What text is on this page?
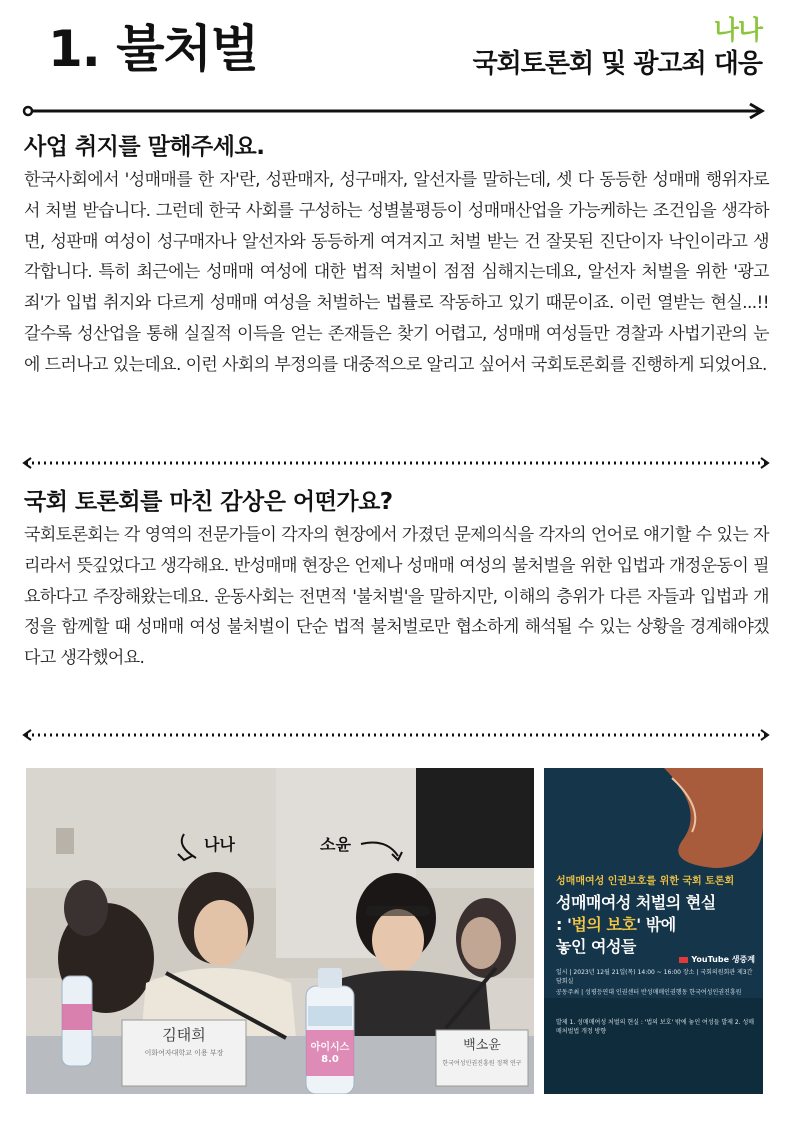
1. 불처벌	나나
국회토론회 및 광고죄 대응
사업 취지를 말해주세요.

한국사회에서 '성매매를 한 자'란, 성판매자, 성구매자, 알선자를 말하는데, 셋 다 동등한 성매매 행위자로서 처벌 받습니다. 그런데 한국 사회를 구성하는 성별불평등이 성매매산업을 가능케하는 조건임을 생각하면, 성판매 여성이 성구매자나 알선자와 동등하게 여겨지고 처벌 받는 건 잘못된 진단이자 낙인이라고 생각합니다. 특히 최근에는 성매매 여성에 대한 법적 처벌이 점점 심해지는데요, 알선자 처벌을 위한 '광고죄'가 입법 취지와 다르게 성매매 여성을 처벌하는 법률로 작동하고 있기 때문이죠. 이런 열받는 현실...!! 갈수록 성산업을 통해 실질적 이득을 얻는 존재들은 찾기 어렵고, 성매매 여성들만 경찰과 사법기관의 눈에 드러나고 있는데요. 이런 사회의 부정의를 대중적으로 알리고 싶어서 국회토론회를 진행하게 되었어요.

국회 토론회를 마친 감상은 어떤가요?

국회토론회는 각 영역의 전문가들이 각자의 현장에서 가졌던 문제의식을 각자의 언어로 얘기할 수 있는 자리라서 뜻깊었다고 생각해요. 반성매매 현장은 언제나 성매매 여성의 불처벌을 위한 입법과 개정운동이 필요하다고 주장해왔는데요. 운동사회는 전면적 '불처벌'을 말하지만, 이해의 층위가 다른 자들과 입법과 개정을 함께할 때 성매매 여성 불처벌이 단순 법적 불처벌로만 협소하게 해석될 수 있는 상황을 경계해야겠다고 생각했어요.

나나	소윤
김태희
이화여자대학교 이용 부장	백소윤
한국여성인권진흥원 정책 연구
아이시스
8.0
성매매여성 인권보호를 위한 국회 토론회
성매매여성 처벌의 현실
: '법의 보호' 밖에
놓인 여성들
YouTube 생중계
일시 | 2023년 12월 21일(목) 14:00 ~ 16:00 장소 | 국회의원회관 제3간담회실
공동주최 | 성평등연대 인권센터 반성매매인권행동 한국여성인권진흥원
발제 1. 성매매여성 처벌의 현실 : '법의 보호' 밖에 놓인 여성들 발제 2. 성매매처벌법 개정 방향
